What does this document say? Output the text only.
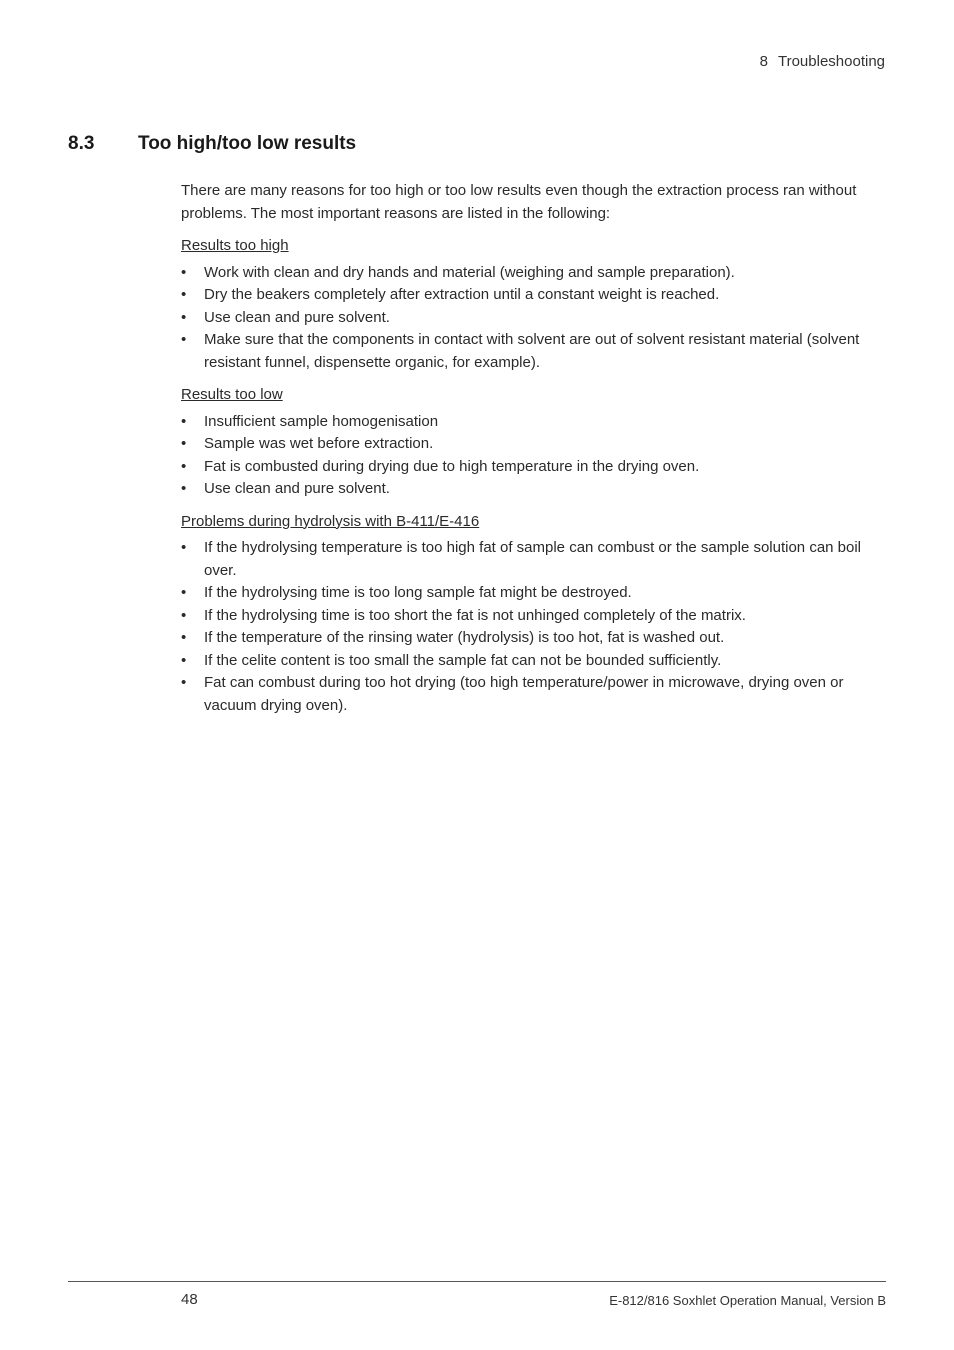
8 Troubleshooting
8.3 Too high/too low results

There are many reasons for too high or too low results even though the extraction process ran without problems. The most important reasons are listed in the following:

Results too high
• Work with clean and dry hands and material (weighing and sample preparation).
• Dry the beakers completely after extraction until a constant weight is reached.
• Use clean and pure solvent.
• Make sure that the components in contact with solvent are out of solvent resistant material (solvent resistant funnel, dispensette organic, for example).
Results too low
• Insufficient sample homogenisation
• Sample was wet before extraction.
• Fat is combusted during drying due to high temperature in the drying oven.
• Use clean and pure solvent.
Problems during hydrolysis with B-411/E-416
• If the hydrolysing temperature is too high fat of sample can combust or the sample solution can boil over.
• If the hydrolysing time is too long sample fat might be destroyed.
• If the hydrolysing time is too short the fat is not unhinged completely of the matrix.
• If the temperature of the rinsing water (hydrolysis) is too hot, fat is washed out.
• If the celite content is too small the sample fat can not be bounded sufficiently.
• Fat can combust during too hot drying (too high temperature/power in microwave, drying oven or vacuum drying oven).
48	E-812/816 Soxhlet Operation Manual, Version B
